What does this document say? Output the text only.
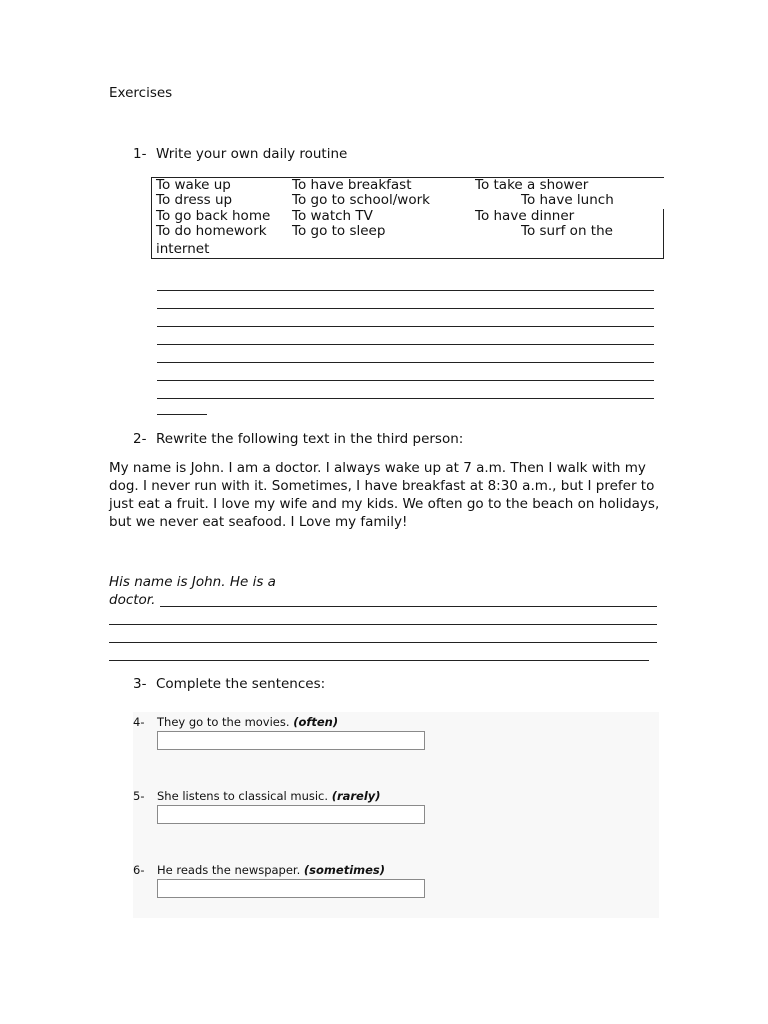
Exercises
1- Write your own daily routine
To wake up	To have breakfast	To take a shower
To dress up	To go to school/work	To have lunch
To go back home To watch TV	To have dinner
To do homework To go to sleep	To surf on the
internet
2- Rewrite the following text in the third person:
My name is John. I am a doctor. I always wake up at 7 a.m. Then I walk with my dog. I never run with it. Sometimes, I have breakfast at 8:30 a.m., but I prefer to just eat a fruit. I love my wife and my kids. We often go to the beach on holidays, but we never eat seafood. I Love my family!
His name is John. He is a
doctor.
3- Complete the sentences:
4- They go to the movies. (often)
5- She listens to classical music. (rarely)
6- He reads the newspaper. (sometimes)
